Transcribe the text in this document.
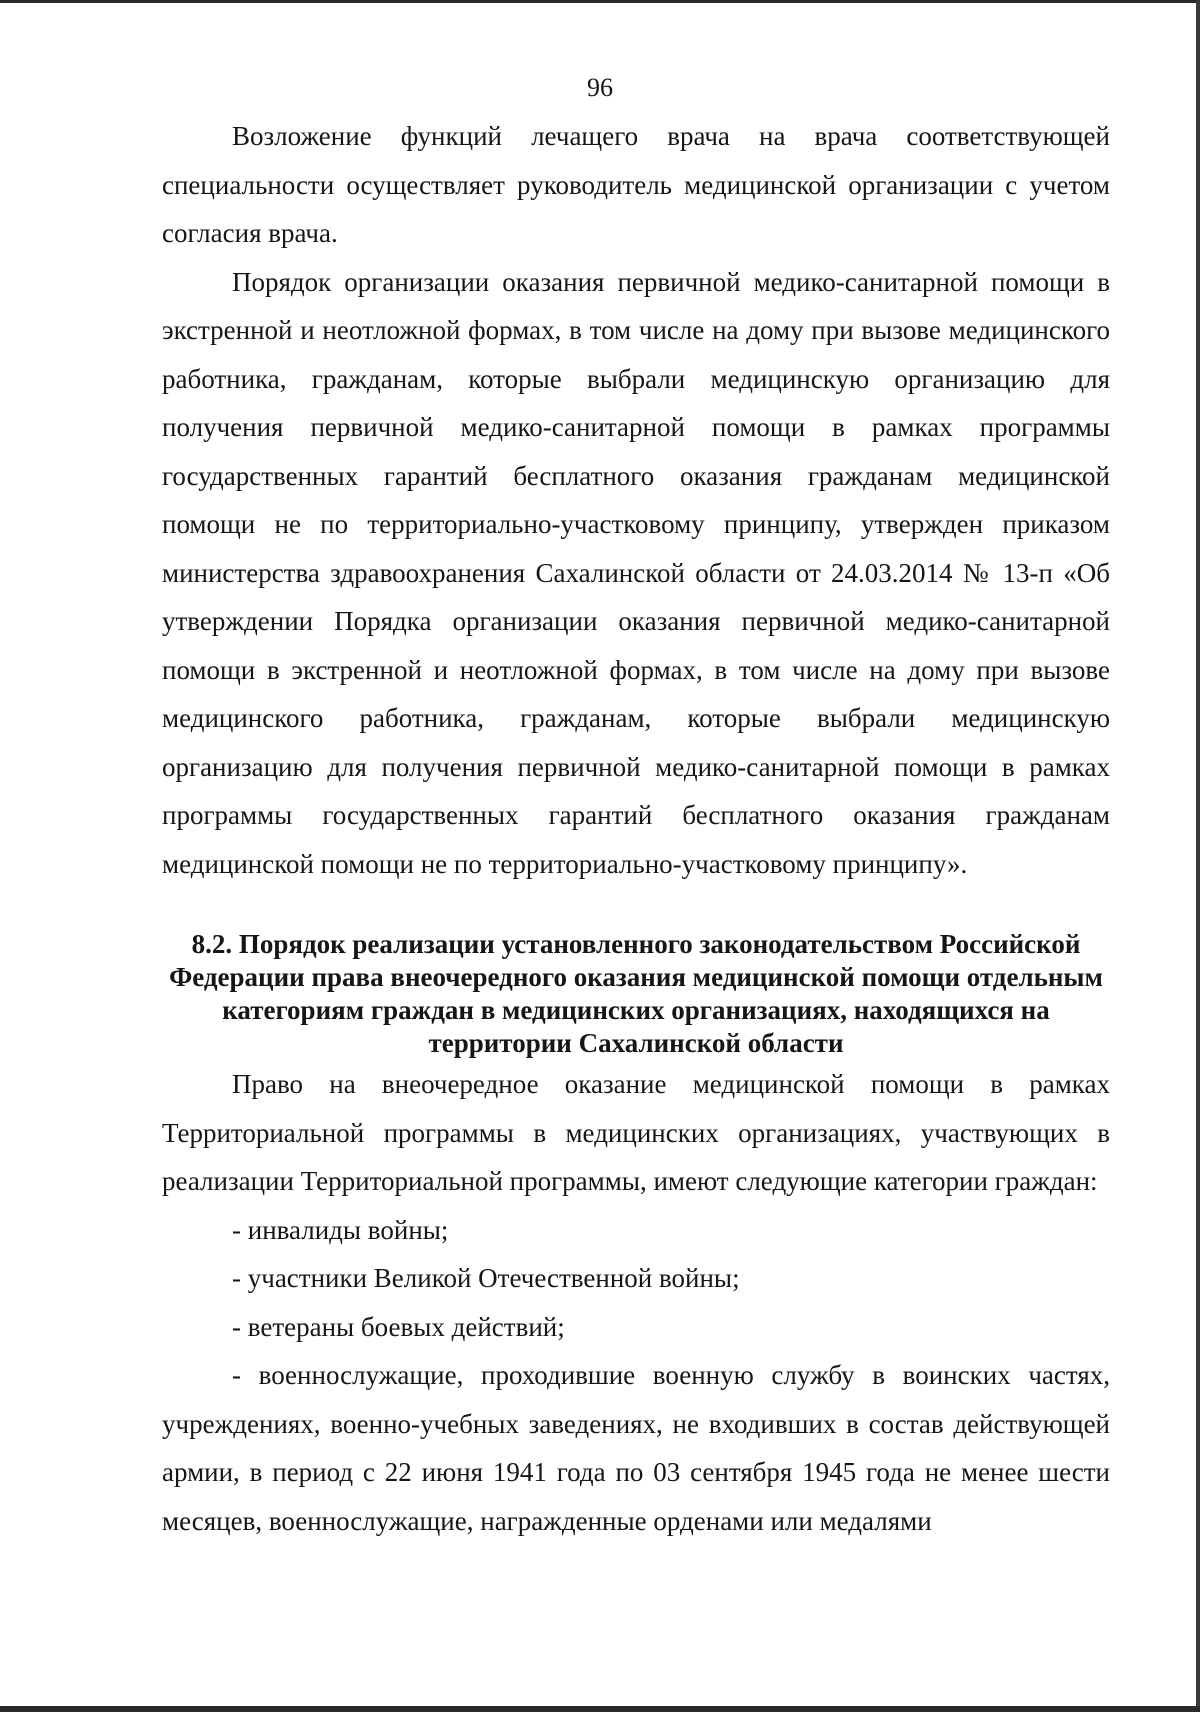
96

Возложение функций лечащего врача на врача соответствующей специальности осуществляет руководитель медицинской организации с учетом согласия врача.

Порядок организации оказания первичной медико-санитарной помощи в экстренной и неотложной формах, в том числе на дому при вызове медицинского работника, гражданам, которые выбрали медицинскую организацию для получения первичной медико-санитарной помощи в рамках программы государственных гарантий бесплатного оказания гражданам медицинской помощи не по территориально-участковому принципу, утвержден приказом министерства здравоохранения Сахалинской области от 24.03.2014 № 13-п «Об утверждении Порядка организации оказания первичной медико-санитарной помощи в экстренной и неотложной формах, в том числе на дому при вызове медицинского работника, гражданам, которые выбрали медицинскую организацию для получения первичной медико-санитарной помощи в рамках программы государственных гарантий бесплатного оказания гражданам медицинской помощи не по территориально-участковому принципу».

8.2. Порядок реализации установленного законодательством Российской Федерации права внеочередного оказания медицинской помощи отдельным категориям граждан в медицинских организациях, находящихся на территории Сахалинской области

Право на внеочередное оказание медицинской помощи в рамках Территориальной программы в медицинских организациях, участвующих в реализации Территориальной программы, имеют следующие категории граждан:

- инвалиды войны;
- участники Великой Отечественной войны;
- ветераны боевых действий;
- военнослужащие, проходившие военную службу в воинских частях, учреждениях, военно-учебных заведениях, не входивших в состав действующей армии, в период с 22 июня 1941 года по 03 сентября 1945 года не менее шести месяцев, военнослужащие, награжденные орденами или медалями
